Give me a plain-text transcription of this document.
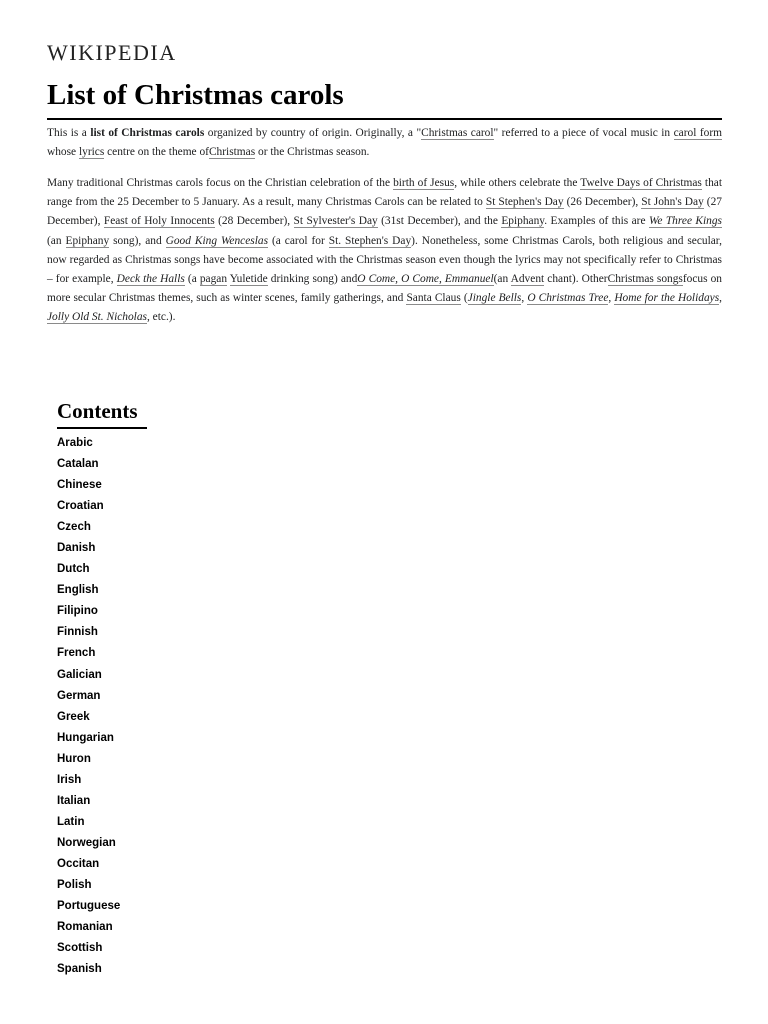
WIKIPEDIA
List of Christmas carols

This is a list of Christmas carols organized by country of origin. Originally, a "Christmas carol" referred to a piece of vocal music in carol form whose lyrics centre on the theme ofChristmas or the Christmas season.

Many traditional Christmas carols focus on the Christian celebration of the birth of Jesus, while others celebrate the Twelve Days of Christmas that range from the 25 December to 5 January. As a result, many Christmas Carols can be related to St Stephen's Day (26 December), St John's Day (27 December), Feast of Holy Innocents (28 December), St Sylvester's Day (31st December), and the Epiphany. Examples of this are We Three Kings (an Epiphany song), and Good King Wenceslas (a carol for St. Stephen's Day). Nonetheless, some Christmas Carols, both religious and secular, now regarded as Christmas songs have become associated with the Christmas season even though the lyrics may not specifically refer to Christmas – for example, Deck the Halls (a pagan Yuletide drinking song) andO Come, O Come, Emmanuel(an Advent chant). OtherChristmas songsfocus on more secular Christmas themes, such as winter scenes, family gatherings, and Santa Claus (Jingle Bells, O Christmas Tree, Home for the Holidays, Jolly Old St. Nicholas, etc.).

Contents
Arabic
Catalan
Chinese
Croatian
Czech
Danish
Dutch
English
Filipino
Finnish
French
Galician
German
Greek
Hungarian
Huron
Irish
Italian
Latin
Norwegian
Occitan
Polish
Portuguese
Romanian
Scottish
Spanish
